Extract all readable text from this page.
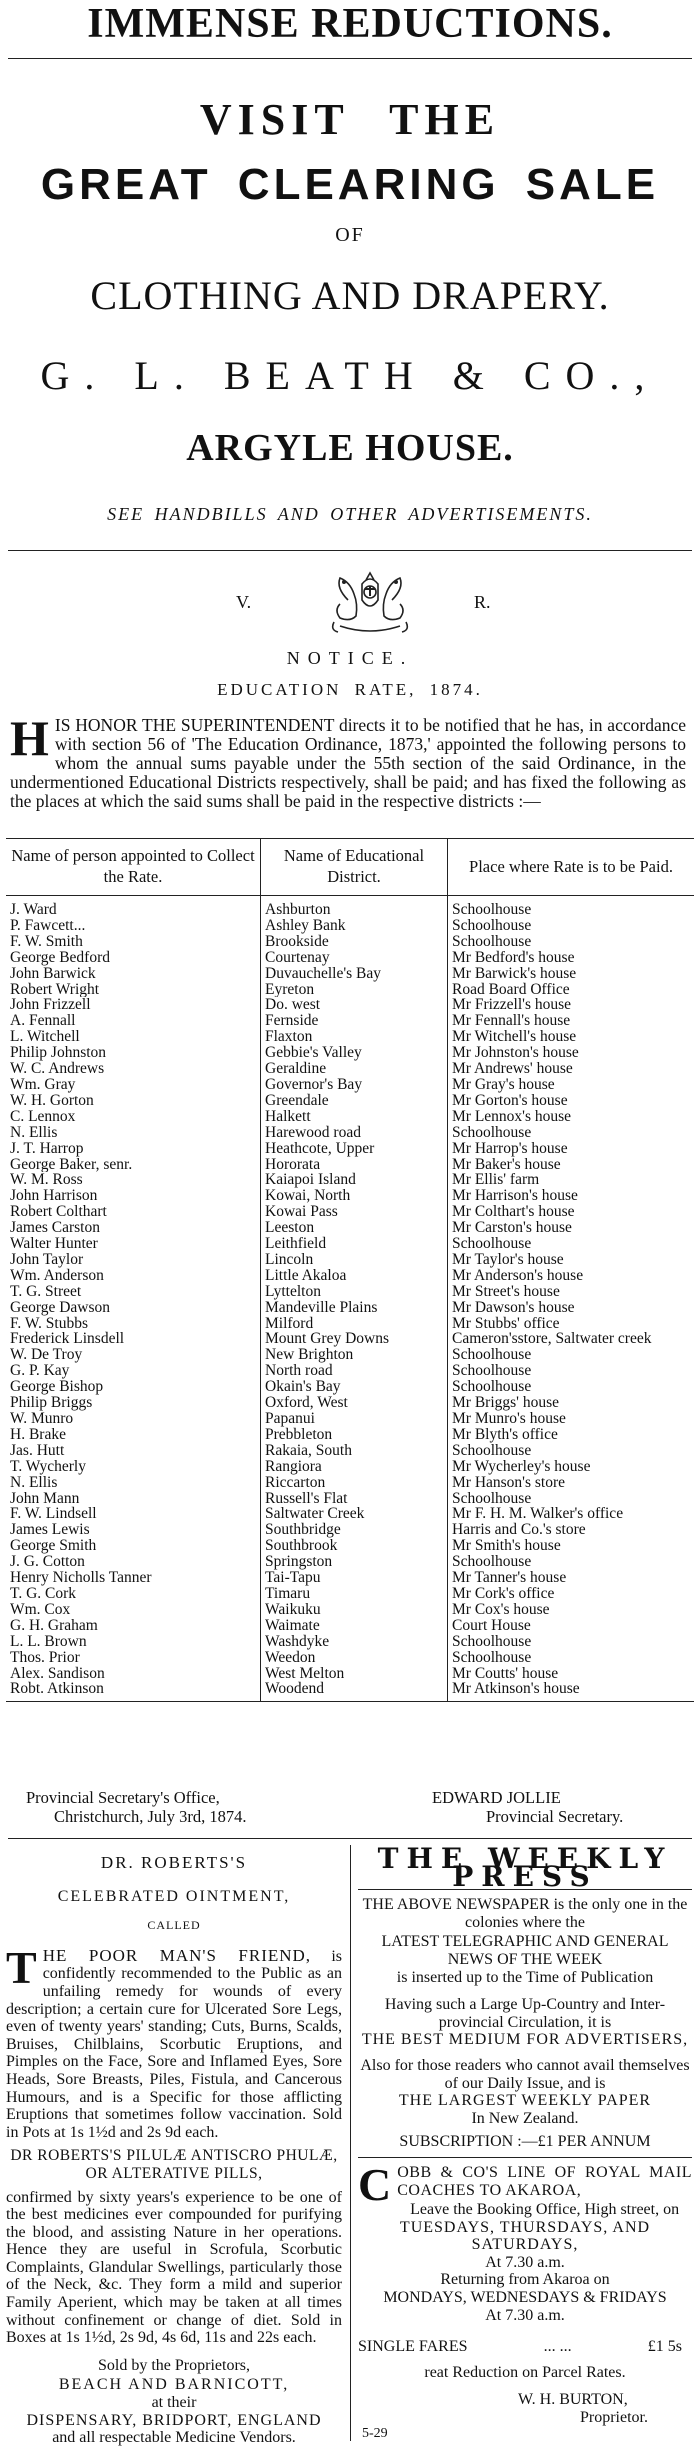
IMMENSE REDUCTIONS.
VISIT THE
GREAT CLEARING SALE
OF
CLOTHING AND DRAPERY.
G. L. BEATH & CO.,
ARGYLE HOUSE.
SEE HANDBILLS AND OTHER ADVERTISEMENTS.
V.	R.
NOTICE.
EDUCATION RATE, 1874.
HIS HONOR THE SUPERINTENDENT directs it to be notified that he has, in accordance with section 56 of 'The Education Ordinance, 1873,' appointed the following persons to whom the annual sums payable under the 55th section of the said Ordinance, in the undermentioned Educational Districts respectively, shall be paid; and has fixed the following as the places at which the said sums shall be paid in the respective districts :—
Name of person appointed to Collect the Rate.	Name of Educational District.	Place where Rate is to be Paid.
J. Ward	Ashburton	Schoolhouse
P. Fawcett...	Ashley Bank	Schoolhouse
F. W. Smith	Brookside	Schoolhouse
George Bedford	Courtenay	Mr Bedford's house
John Barwick	Duvauchelle's Bay	Mr Barwick's house
Robert Wright	Eyreton	Road Board Office
John Frizzell	Do. west	Mr Frizzell's house
A. Fennall	Fernside	Mr Fennall's house
L. Witchell	Flaxton	Mr Witchell's house
Philip Johnston	Gebbie's Valley	Mr Johnston's house
W. C. Andrews	Geraldine	Mr Andrews' house
Wm. Gray	Governor's Bay	Mr Gray's house
W. H. Gorton	Greendale	Mr Gorton's house
C. Lennox	Halkett	Mr Lennox's house
N. Ellis	Harewood road	Schoolhouse
J. T. Harrop	Heathcote, Upper	Mr Harrop's house
George Baker, senr.	Hororata	Mr Baker's house
W. M. Ross	Kaiapoi Island	Mr Ellis' farm
John Harrison	Kowai, North	Mr Harrison's house
Robert Colthart	Kowai Pass	Mr Colthart's house
James Carston	Leeston	Mr Carston's house
Walter Hunter	Leithfield	Schoolhouse
John Taylor	Lincoln	Mr Taylor's house
Wm. Anderson	Little Akaloa	Mr Anderson's house
T. G. Street	Lyttelton	Mr Street's house
George Dawson	Mandeville Plains	Mr Dawson's house
F. W. Stubbs	Milford	Mr Stubbs' office
Frederick Linsdell	Mount Grey Downs	Cameron'sstore, Saltwater creek
W. De Troy	New Brighton	Schoolhouse
G. P. Kay	North road	Schoolhouse
George Bishop	Okain's Bay	Schoolhouse
Philip Briggs	Oxford, West	Mr Briggs' house
W. Munro	Papanui	Mr Munro's house
H. Brake	Prebbleton	Mr Blyth's office
Jas. Hutt	Rakaia, South	Schoolhouse
T. Wycherly	Rangiora	Mr Wycherley's house
N. Ellis	Riccarton	Mr Hanson's store
John Mann	Russell's Flat	Schoolhouse
F. W. Lindsell	Saltwater Creek	Mr F. H. M. Walker's office
James Lewis	Southbridge	Harris and Co.'s store
George Smith	Southbrook	Mr Smith's house
J. G. Cotton	Springston	Schoolhouse
Henry Nicholls Tanner	Tai-Tapu	Mr Tanner's house
T. G. Cork	Timaru	Mr Cork's office
Wm. Cox	Waikuku	Mr Cox's house
G. H. Graham	Waimate	Court House
L. L. Brown	Washdyke	Schoolhouse
Thos. Prior	Weedon	Schoolhouse
Alex. Sandison	West Melton	Mr Coutts' house
Robt. Atkinson	Woodend	Mr Atkinson's house

Provincial Secretary's Office,
Christchurch, July 3rd, 1874.
EDWARD JOLLIE
Provincial Secretary.
DR. ROBERTS'S
CELEBRATED OINTMENT,
CALLED
THE POOR MAN'S FRIEND, is confidently recommended to the Public as an unfailing remedy for wounds of every description; a certain cure for Ulcerated Sore Legs, even of twenty years' standing; Cuts, Burns, Scalds, Bruises, Chilblains, Scorbutic Eruptions, and Pimples on the Face, Sore and Inflamed Eyes, Sore Heads, Sore Breasts, Piles, Fistula, and Cancerous Humours, and is a Specific for those afflicting Eruptions that sometimes follow vaccination. Sold in Pots at 1s 1½d and 2s 9d each.
DR ROBERTS'S PILULÆ ANTISCRO PHULÆ, OR ALTERATIVE PILLS,
confirmed by sixty years's experience to be one of the best medicines ever compounded for purifying the blood, and assisting Nature in her operations. Hence they are useful in Scrofula, Scorbutic Complaints, Glandular Swellings, particularly those of the Neck, &c. They form a mild and superior Family Aperient, which may be taken at all times without confinement or change of diet. Sold in Boxes at 1s 1½d, 2s 9d, 4s 6d, 11s and 22s each.
Sold by the Proprietors,
BEACH AND BARNICOTT,
at their
DISPENSARY, BRIDPORT, ENGLAND
and all respectable Medicine Vendors.
THE WEEKLY PRESS
THE ABOVE NEWSPAPER is the only one in the colonies where the
LATEST TELEGRAPHIC AND GENERAL NEWS OF THE WEEK
is inserted up to the Time of Publication
Having such a Large Up-Country and Inter-provincial Circulation, it is
THE BEST MEDIUM FOR ADVERTISERS,
Also for those readers who cannot avail themselves of our Daily Issue, and is
THE LARGEST WEEKLY PAPER
In New Zealand.
SUBSCRIPTION :—£1 PER ANNUM
COBB & CO'S LINE OF ROYAL MAIL COACHES TO AKAROA,
Leave the Booking Office, High street, on
TUESDAYS, THURSDAYS, AND SATURDAYS,
At 7.30 a.m.
Returning from Akaroa on
MONDAYS, WEDNESDAYS & FRIDAYS
At 7.30 a.m.
SINGLE FARES	... ...	£1 5s
reat Reduction on Parcel Rates.
W. H. BURTON,
Proprietor.
5-29
